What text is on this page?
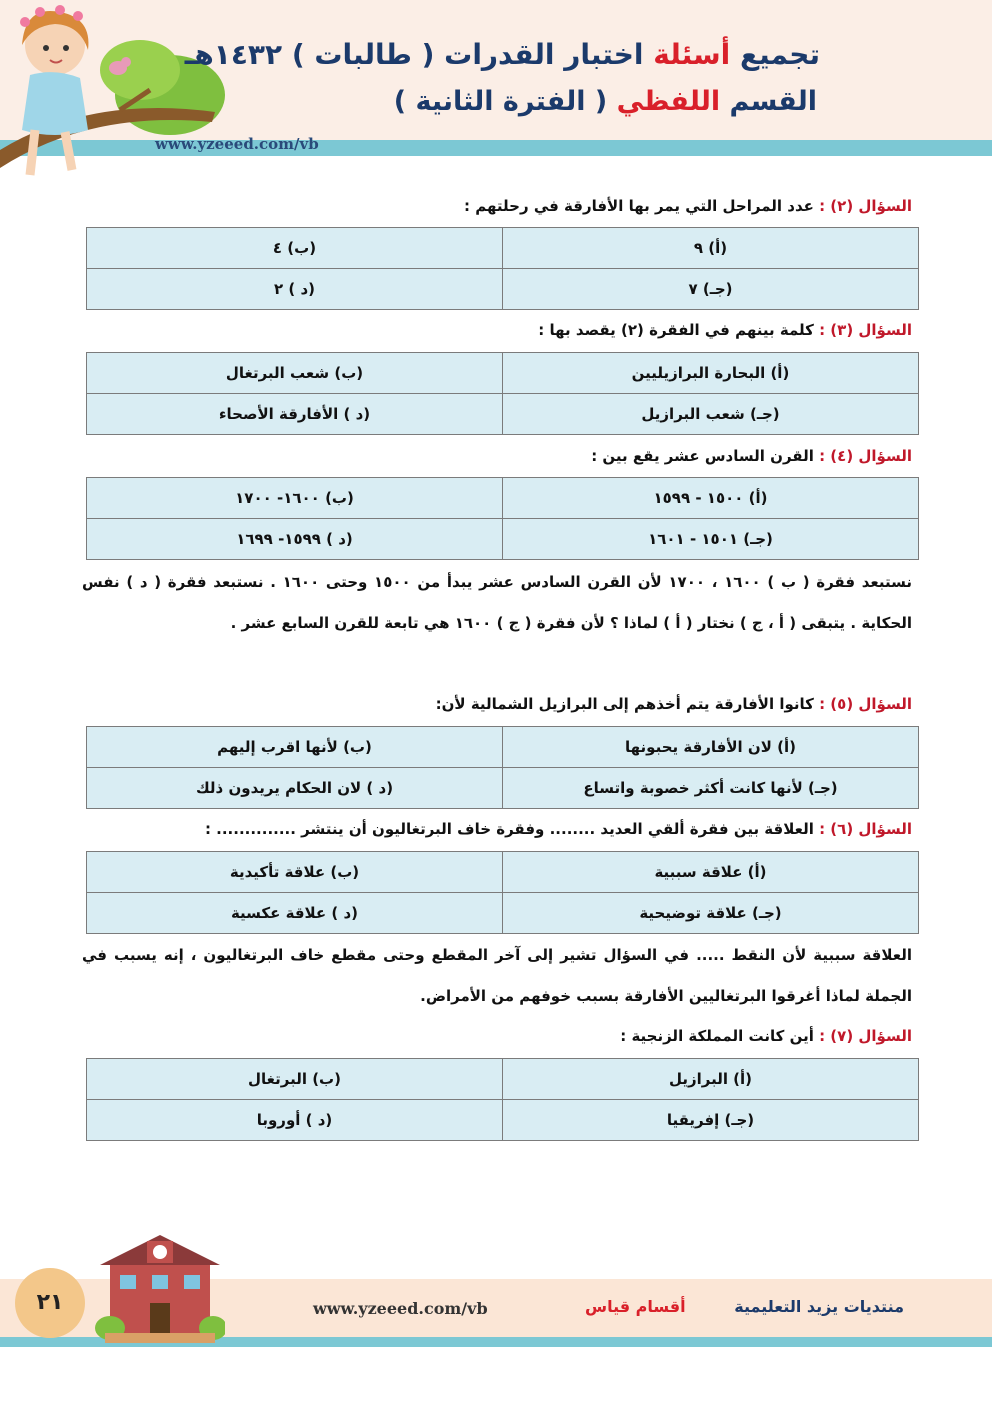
تجميع أسئلة اختبار القدرات ( طالبات ) ١٤٣٢هـ
القسم اللفظي ( الفترة الثانية )
www.yzeeed.com/vb
السؤال (٢) : عدد المراحل التي يمر بها الأفارقة في رحلتهم :
(أ) ٩	(ب) ٤
(جـ) ٧	(د ) ٢
السؤال (٣) : كلمة بينهم في الفقرة (٢) يقصد بها :
(أ) البحارة البرازيليين	(ب) شعب البرتغال
(جـ) شعب البرازيل	(د ) الأفارقة الأصحاء
السؤال (٤) : القرن السادس عشر يقع بين :
(أ) ١٥٠٠ - ١٥٩٩	(ب) ١٦٠٠- ١٧٠٠
(جـ) ١٥٠١ - ١٦٠١	(د ) ١٥٩٩- ١٦٩٩

نستبعد فقرة ( ب ) ١٦٠٠ ، ١٧٠٠ لأن القرن السادس عشر يبدأ من ١٥٠٠ وحتى ١٦٠٠ . نستبعد فقرة ( د ) نفس الحكاية . يتبقى ( أ ، ج ) نختار ( أ ) لماذا ؟ لأن فقرة ( ج ) ١٦٠٠ هي تابعة للقرن السابع عشر .

السؤال (٥) : كانوا الأفارقة يتم أخذهم إلى البرازيل الشمالية لأن:
(أ) لان الأفارقة يحبونها	(ب) لأنها اقرب إليهم
(جـ) لأنها كانت أكثر خصوبة واتساع	(د ) لان الحكام يريدون ذلك
السؤال (٦) : العلاقة بين فقرة ألقي العديد ........ وفقرة خاف البرتغاليون أن ينتشر .............. :
(أ) علاقة سببية	(ب) علاقة تأكيدية
(جـ) علاقة توضيحية	(د ) علاقة عكسية

العلاقة سببية لأن النقط ..... في السؤال تشير إلى آخر المقطع وحتى مقطع خاف البرتغاليون ، إنه يسبب في الجملة لماذا أغرقوا البرتغاليين الأفارقة بسبب خوفهم من الأمراض.

السؤال (٧) : أين كانت المملكة الزنجية :
(أ) البرازيل	(ب) البرتغال
(جـ) إفريقيا	(د ) أوروبا
٢١	www.yzeeed.com/vb	أقسام قياس	منتديات يزيد التعليمية
